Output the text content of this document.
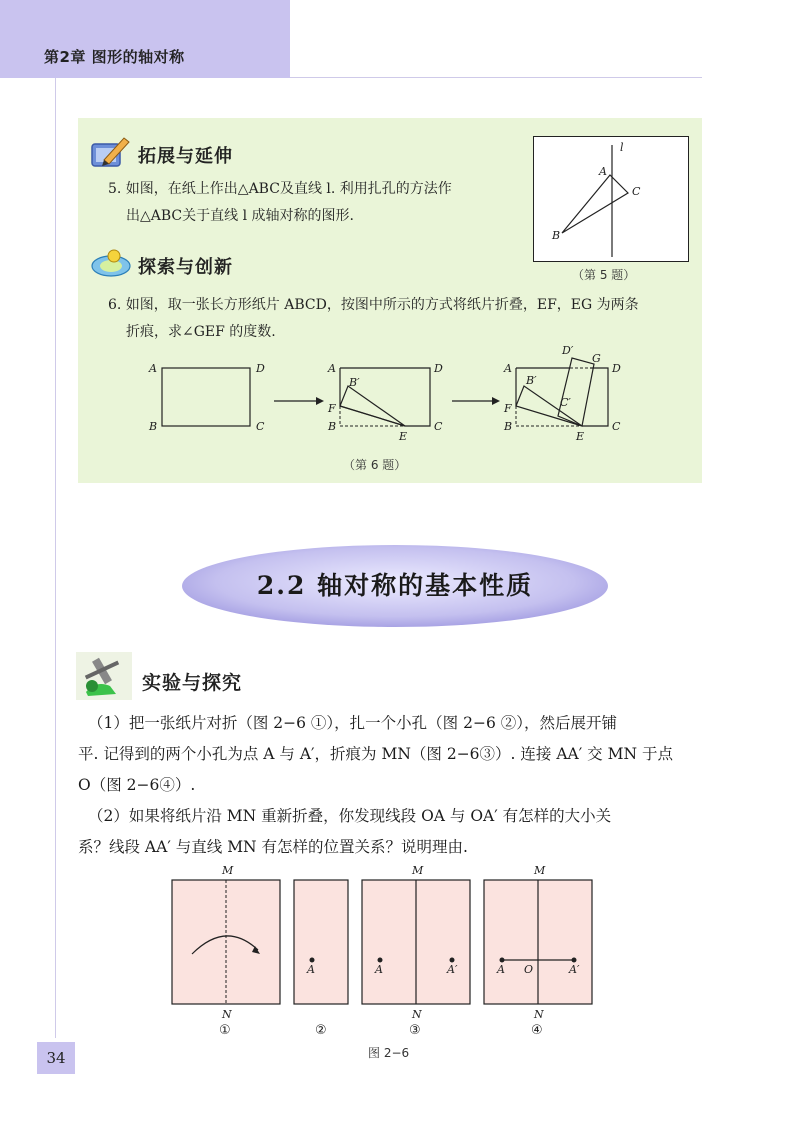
第2章 图形的轴对称
拓展与延伸
5. 如图，在纸上作出△ABC及直线 l. 利用扎孔的方法作
出△ABC关于直线 l 成轴对称的图形.
l
A
C
B
（第 5 题）
探索与创新
6. 如图，取一张长方形纸片 ABCD，按图中所示的方式将纸片折叠，EF，EG 为两条
折痕，求∠GEF 的度数.
A	D
B	C
A	D
B	C
F
B′
E
A	D
B	C
F
B′
C′
D′
G
E
（第 6 题）
2.2 轴对称的基本性质
实验与探究
（1）把一张纸片对折（图 2−6 ①），扎一个小孔（图 2−6 ②），然后展开铺
平. 记得到的两个小孔为点 A 与 A′，折痕为 MN（图 2−6③）. 连接 AA′ 交 MN 于点
O（图 2−6④）.
（2）如果将纸片沿 MN 重新折叠，你发现线段 OA 与 OA′ 有怎样的大小关
系？线段 AA′ 与直线 MN 有怎样的位置关系？说明理由.
M
N
①
A
②
M
N
A	A′
③
M
N
A O	A′
④
图 2−6
34
